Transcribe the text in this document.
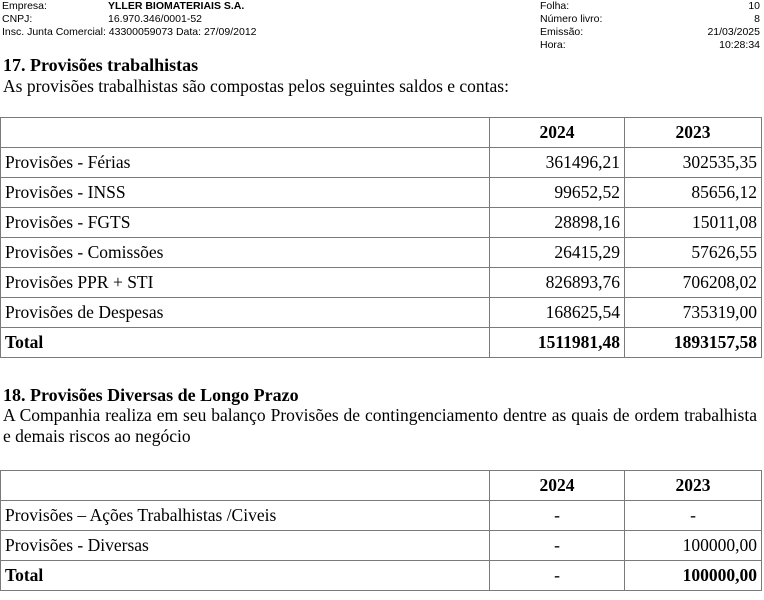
Empresa:	YLLER BIOMATERIAIS S.A.	Folha:	10
CNPJ:	16.970.346/0001-52	Número livro:	8
Insc. Junta Comercial: 43300059073 Data: 27/09/2012	Emissão:	21/03/2025
Hora:	10:28:34
17. Provisões trabalhistas
As provisões trabalhistas são compostas pelos seguintes saldos e contas:
	2024	2023
Provisões - Férias	361496,21	302535,35
Provisões - INSS	99652,52	85656,12
Provisões - FGTS	28898,16	15011,08
Provisões - Comissões	26415,29	57626,55
Provisões PPR + STI	826893,76	706208,02
Provisões de Despesas	168625,54	735319,00
Total	1511981,48	1893157,58
18. Provisões Diversas de Longo Prazo
A Companhia realiza em seu balanço Provisões de contingenciamento dentre as quais de ordem trabalhista e demais riscos ao negócio
	2024	2023
Provisões – Ações Trabalhistas /Civeis	-	-
Provisões - Diversas	-	100000,00
Total	-	100000,00
